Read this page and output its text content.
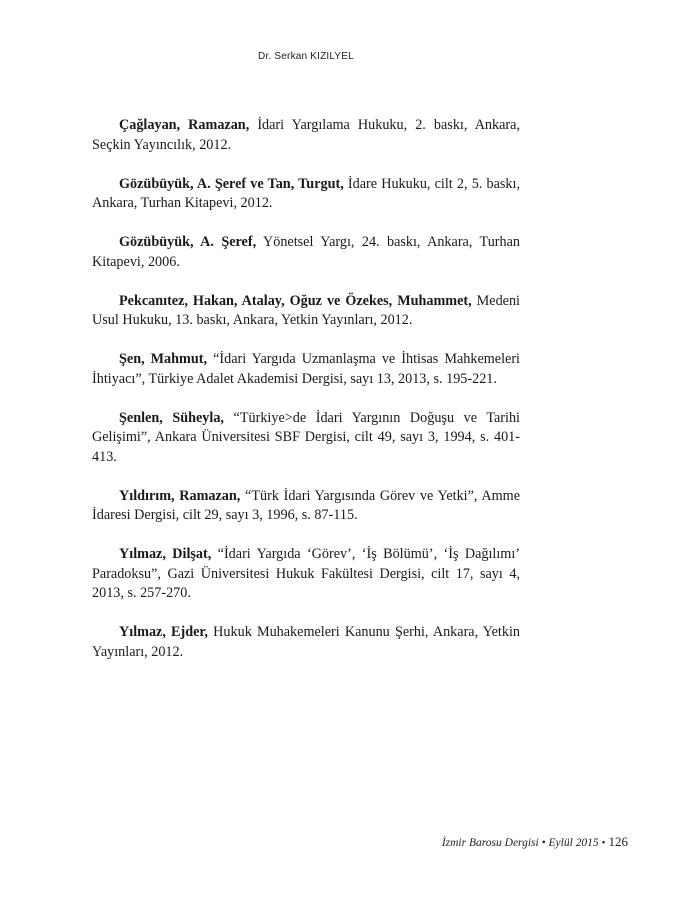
Dr. Serkan KIZILYEL

Çağlayan, Ramazan, İdari Yargılama Hukuku, 2. baskı, Ankara, Seçkin Yayıncılık, 2012.

Gözübüyük, A. Şeref ve Tan, Turgut, İdare Hukuku, cilt 2, 5. baskı, Ankara, Turhan Kitapevi, 2012.

Gözübüyük, A. Şeref, Yönetsel Yargı, 24. baskı, Ankara, Turhan Kitapevi, 2006.

Pekcanıtez, Hakan, Atalay, Oğuz ve Özekes, Muhammet, Medeni Usul Hukuku, 13. baskı, Ankara, Yetkin Yayınları, 2012.

Şen, Mahmut, “İdari Yargıda Uzmanlaşma ve İhtisas Mahkemeleri İhtiyacı”, Türkiye Adalet Akademisi Dergisi, sayı 13, 2013, s. 195-221.

Şenlen, Süheyla, “Türkiye>de İdari Yargının Doğuşu ve Tarihi Gelişimi”, Ankara Üniversitesi SBF Dergisi, cilt 49, sayı 3, 1994, s. 401-413.

Yıldırım, Ramazan, “Türk İdari Yargısında Görev ve Yetki”, Amme İdaresi Dergisi, cilt 29, sayı 3, 1996, s. 87-115.

Yılmaz, Dilşat, “İdari Yargıda ‘Görev’, ‘İş Bölümü’, ‘İş Dağılımı’ Paradoksu”, Gazi Üniversitesi Hukuk Fakültesi Dergisi, cilt 17, sayı 4, 2013, s. 257-270.

Yılmaz, Ejder, Hukuk Muhakemeleri Kanunu Şerhi, Ankara, Yetkin Yayınları, 2012.

İzmir Barosu Dergisi • Eylül 2015 • 126
